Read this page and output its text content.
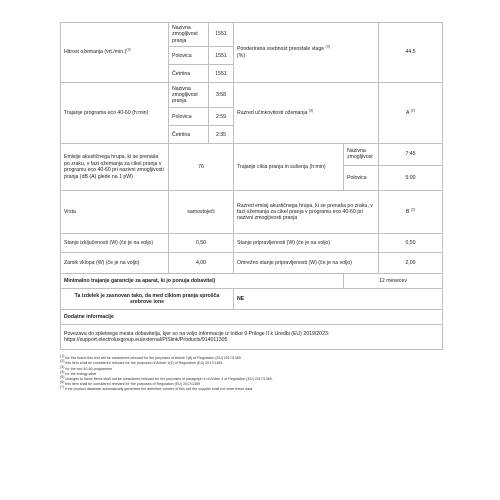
Hitrost ožemanja $(vrt./\min.)^{(3)}$	Nazivna zmogljivost pranja	1551	Ponderirana vsebnost preostale vlage $^{(3)}$
(%)		44,5
	Polovica	1551			
	Četrtina	1551			
Trajanje programa eco 40-60 (h:min)	Nazivna zmogljivost pranja	3:58	Razred učinkovitosti ožemanja $^{(3)}$		A $^{(2)}$
	Polovica	2:59			
	Četrtina	2:35			
Emisije akustičnega hrupa, ki se prenaša po zraku, v fazi ožemanja za cikel pranja v programu eco 40-60 pri nazivni zmogljivosti pranja (dB (A) glede na 1 pW)	76		Trajanje cikla pranja in sušenja (h:min)	Nazivna zmogljivost	7:45
				Polovica	5:00
Vrsta	samostoječi		Razred emisij akustičnega hrupa, ki se prenaša po zraku, v fazi ožemanja za cikel pranja v programu eco 40-60 pri nazivni zmogljivosti pranja		B $^{(2)}$
Stanje izključenosti (W) (če je na voljo)	0,50		Stanje pripravljenosti (W) (če je na voljo)		0,50
Zamik vklopa (W) (če je na voljo)	4,00		Omrežno stanje pripravljenosti (W) (če je na voljo)		2,00
Minimalno trajanje garancije za aparat, ki jo ponuja dobavitelj				12 mesecev	
Ta izdelek je zasnovan tako, da med ciklom pranja sprošča srebrove ione			NE		
Dodatne informacije					
Povezava do spletnega mesta dobavitelja, kjer so na voljo informacije iz točke 9 Priloge II k Uredbi (EU) 2019/2023:
https://support.electroluxgroup.eu/external/PISlink/Products/914011305					
$^{(1)}$ for this brand this text will be considered relevant for the purposes of Article 1(6) of Regulation (EU) 2017/1369.
$^{(2)}$ this item shall be considered relevant for the purposes of Article 1(6) of Regulation (EU) 2017/1369.
$^{(3)}$ for the eco 40-60 programme
$^{(4)}$ for the energy label
$^{(5)}$ changes to these items shall not be considered relevant for the purposes of paragraph 4 of Article 4 of Regulation (EU) 2017/1369.
$^{(6)}$ this item shall be considered relevant for the purposes of Regulation (EU) 2017/1369
(*) if the product database automatically generates the definitive content of this cell the supplier shall not enter these data.
